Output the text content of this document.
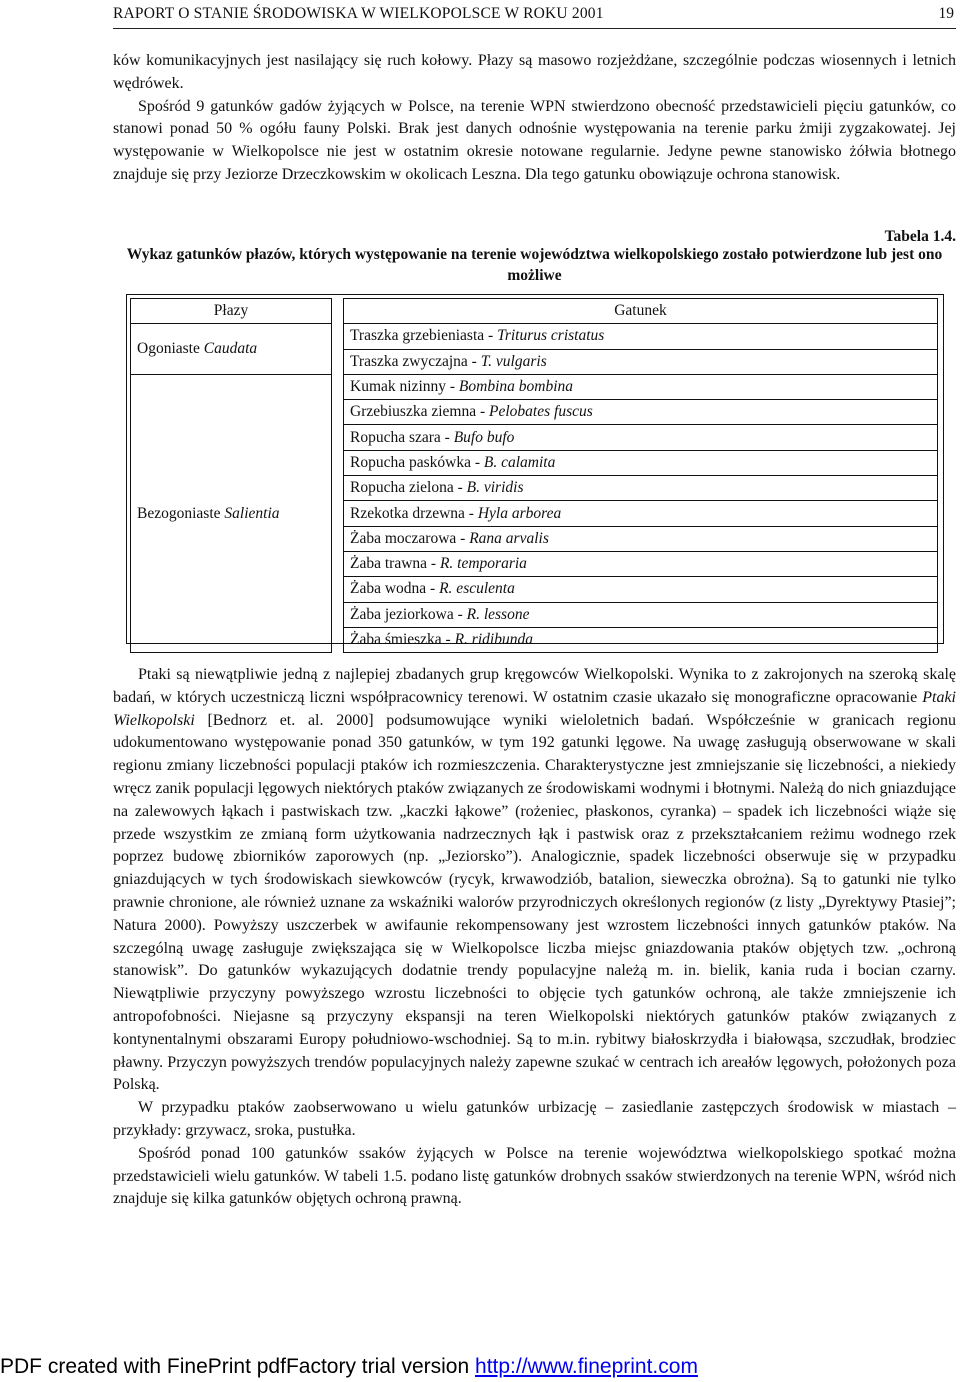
RAPORT O STANIE ŚRODOWISKA W WIELKOPOLSCE W ROKU 2001	19

ków komunikacyjnych jest nasilający się ruch kołowy. Płazy są masowo rozjeżdżane, szczególnie podczas wiosennych i letnich wędrówek.

Spośród 9 gatunków gadów żyjących w Polsce, na terenie WPN stwierdzono obecność przedstawicieli pięciu gatunków, co stanowi ponad 50 % ogółu fauny Polski. Brak jest danych odnośnie występowania na terenie parku żmiji zygzakowatej. Jej występowanie w Wielkopolsce nie jest w ostatnim okresie notowane regularnie. Jedyne pewne stanowisko żółwia błotnego znajduje się przy Jeziorze Drzeczkowskim w okolicach Leszna. Dla tego gatunku obowiązuje ochrona stanowisk.

Tabela 1.4.
Wykaz gatunków płazów, których występowanie na terenie województwa wielkopolskiego zostało potwierdzone lub jest ono możliwe
Płazy		Gatunek
Ogoniaste Caudata		Traszka grzebieniasta - Triturus cristatus
		Traszka zwyczajna - T. vulgaris
Bezogoniaste Salientia		Kumak nizinny - Bombina bombina
		Grzebiuszka ziemna - Pelobates fuscus
		Ropucha szara - Bufo bufo
		Ropucha paskówka - B. calamita
		Ropucha zielona - B. viridis
		Rzekotka drzewna - Hyla arborea
		Żaba moczarowa - Rana arvalis
		Żaba trawna - R. temporaria
		Żaba wodna - R. esculenta
		Żaba jeziorkowa - R. lessone
		Żaba śmieszka - R. ridibunda

Ptaki są niewątpliwie jedną z najlepiej zbadanych grup kręgowców Wielkopolski. Wynika to z zakrojonych na szeroką skalę badań, w których uczestniczą liczni współpracownicy terenowi. W ostatnim czasie ukazało się monograficzne opracowanie Ptaki Wielkopolski [Bednorz et. al. 2000] podsumowujące wyniki wieloletnich badań. Współcześnie w granicach regionu udokumentowano występowanie ponad 350 gatunków, w tym 192 gatunki lęgowe. Na uwagę zasługują obserwowane w skali regionu zmiany liczebności populacji ptaków ich rozmieszczenia. Charakterystyczne jest zmniejszanie się liczebności, a niekiedy wręcz zanik populacji lęgowych niektórych ptaków związanych ze środowiskami wodnymi i błotnymi. Należą do nich gniazdujące na zalewowych łąkach i pastwiskach tzw. „kaczki łąkowe” (rożeniec, płaskonos, cyranka) – spadek ich liczebności wiąże się przede wszystkim ze zmianą form użytkowania nadrzecznych łąk i pastwisk oraz z przekształcaniem reżimu wodnego rzek poprzez budowę zbiorników zaporowych (np. „Jeziorsko”). Analogicznie, spadek liczebności obserwuje się w przypadku gniazdujących w tych środowiskach siewkowców (rycyk, krwawodziób, batalion, sieweczka obrożna). Są to gatunki nie tylko prawnie chronione, ale również uznane za wskaźniki walorów przyrodniczych określonych regionów (z listy „Dyrektywy Ptasiej”; Natura 2000). Powyższy uszczerbek w awifaunie rekompensowany jest wzrostem liczebności innych gatunków ptaków. Na szczególną uwagę zasługuje zwiększająca się w Wielkopolsce liczba miejsc gniazdowania ptaków objętych tzw. „ochroną stanowisk”. Do gatunków wykazujących dodatnie trendy populacyjne należą m. in. bielik, kania ruda i bocian czarny. Niewątpliwie przyczyny powyższego wzrostu liczebności to objęcie tych gatunków ochroną, ale także zmniejszenie ich antropofobności. Niejasne są przyczyny ekspansji na teren Wielkopolski niektórych gatunków ptaków związanych z kontynentalnymi obszarami Europy południowo-wschodniej. Są to m.in. rybitwy białoskrzydła i białowąsa, szczudłak, brodziec pławny. Przyczyn powyższych trendów populacyjnych należy zapewne szukać w centrach ich areałów lęgowych, położonych poza Polską.

W przypadku ptaków zaobserwowano u wielu gatunków urbizację – zasiedlanie zastępczych środowisk w miastach – przykłady: grzywacz, sroka, pustułka.

Spośród ponad 100 gatunków ssaków żyjących w Polsce na terenie województwa wielkopolskiego spotkać można przedstawicieli wielu gatunków. W tabeli 1.5. podano listę gatunków drobnych ssaków stwierdzonych na terenie WPN, wśród nich znajduje się kilka gatunków objętych ochroną prawną.

PDF created with FinePrint pdfFactory trial version http://www.fineprint.com
